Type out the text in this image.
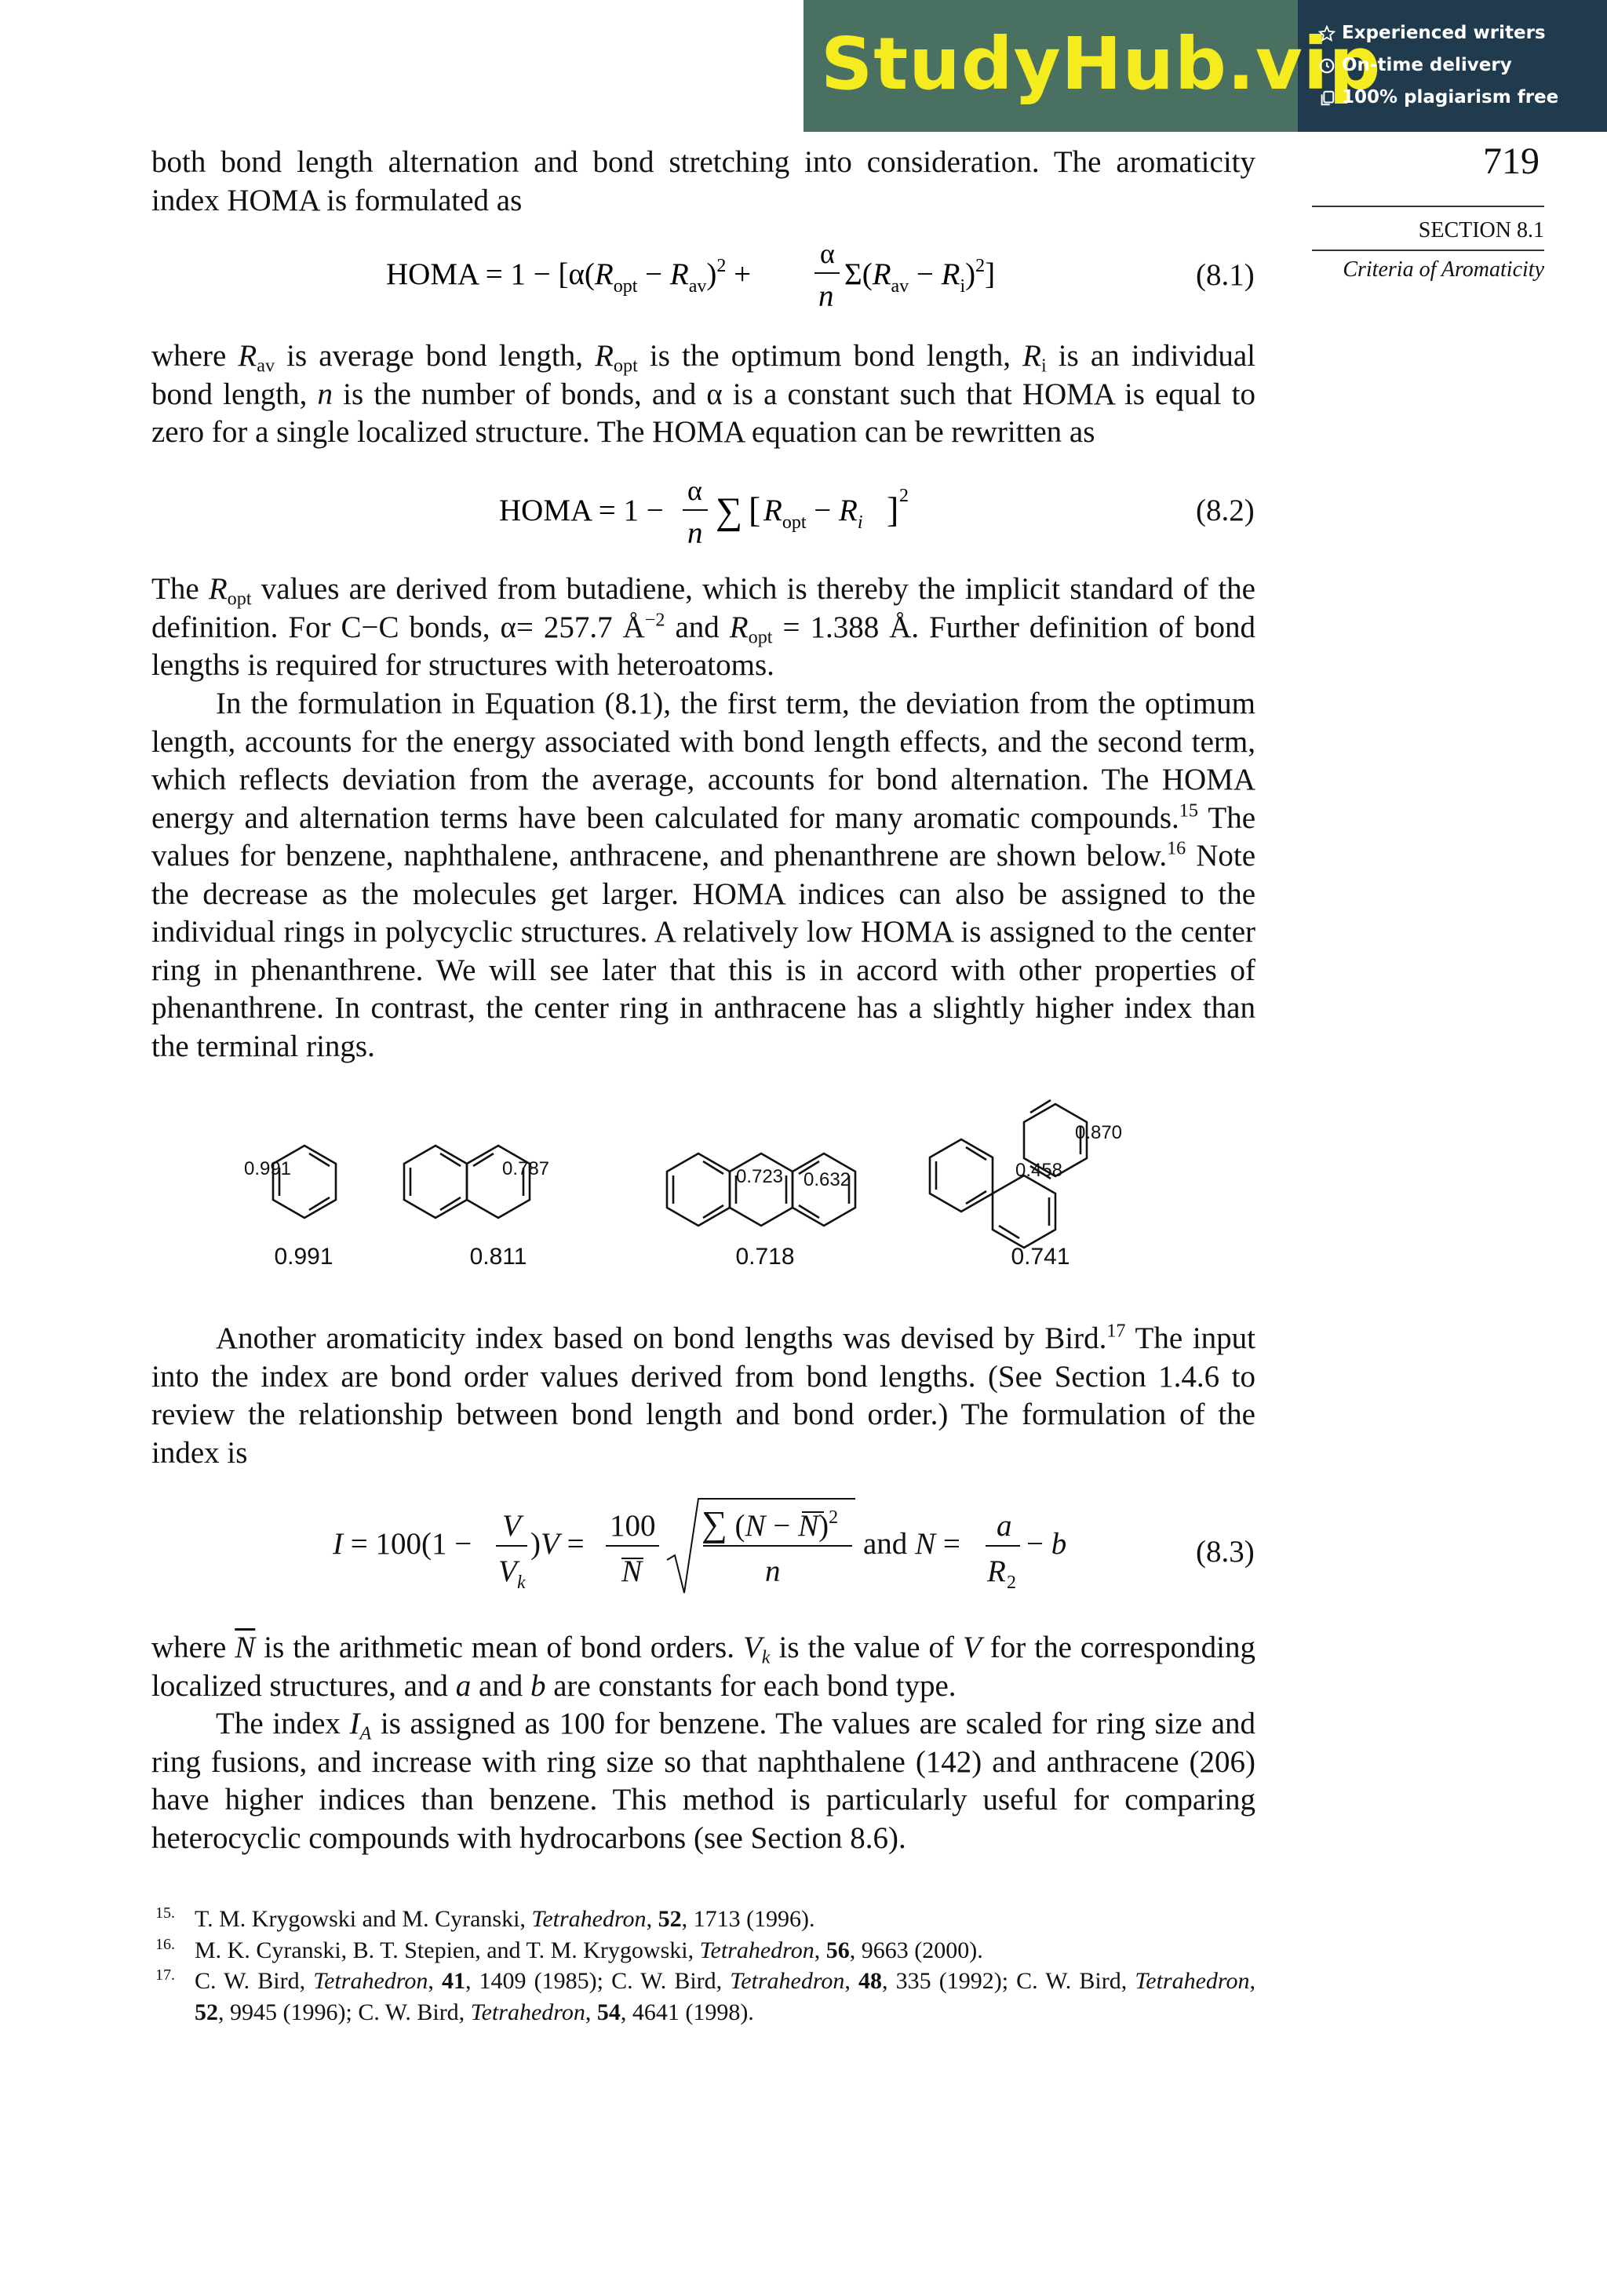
StudyHub.vip
Experienced writers
On-time delivery
100% plagiarism free
719
SECTION 8.1
Criteria of Aromaticity

both bond length alternation and bond stretching into consideration. The aromaticity index HOMA is formulated as

HOMA = $1 - [\alpha(R_{opt} - R_{av})^2$ +
α
n
$\Sigma(R_{av} - R_i)^2$]	(8.1)

where $R_{av}$ is average bond length, $R_{opt}$ is the optimum bond length, $R_i$ is an individual bond length, n is the number of bonds, and α is a constant such that HOMA is equal to zero for a single localized structure. The HOMA equation can be rewritten as

HOMA = 1 −
α
n
∑ [ $R_{opt} - R_i$ ] 2	(8.2)

The $R_{opt}$ values are derived from butadiene, which is thereby the implicit standard of the definition. For C−C bonds, α= 257.7 $Å^{-2}$ and $R_{opt} = 1.388$ Å. Further definition of bond lengths is required for structures with heteroatoms.

In the formulation in Equation (8.1), the first term, the deviation from the optimum length, accounts for the energy associated with bond length effects, and the second term, which reflects deviation from the average, accounts for bond alternation. The HOMA energy and alternation terms have been calculated for many aromatic compounds.$^{15}$ The values for benzene, naphthalene, anthracene, and phenanthrene are shown below.$^{16}$ Note the decrease as the molecules get larger. HOMA indices can also be assigned to the individual rings in polycyclic structures. A relatively low HOMA is assigned to the center ring in phenanthrene. We will see later that this is in accord with other properties of phenanthrene. In contrast, the center ring in anthracene has a slightly higher index than the terminal rings.

0.991	0.787	0.723	0.632
0.870
0.458
0.991	0.811	0.718	0.741

Another aromaticity index based on bond lengths was devised by Bird.$^{17}$ The input into the index are bond order values derived from bond lengths. (See Section 1.4.6 to review the relationship between bond length and bond order.) The formulation of the index is

I = 100(1 −
V
V k
)V =
100
N
∑ $(N - N)^2$
n
and N =
a
R 2
− b	(8.3)

where $\overline{N}$ is the arithmetic mean of bond orders. $V_k$ is the value of V for the corresponding localized structures, and a and b are constants for each bond type.

The index $I_A$ is assigned as 100 for benzene. The values are scaled for ring size and ring fusions, and increase with ring size so that naphthalene (142) and anthracene (206) have higher indices than benzene. This method is particularly useful for comparing heterocyclic compounds with hydrocarbons (see Section 8.6).

15. T. M. Krygowski and M. Cyranski, Tetrahedron, 52, 1713 (1996).

16. M. K. Cyranski, B. T. Stepien, and T. M. Krygowski, Tetrahedron, 56, 9663 (2000).

17. C. W. Bird, Tetrahedron, 41, 1409 (1985); C. W. Bird, Tetrahedron, 48, 335 (1992); C. W. Bird, Tetrahedron, 52, 9945 (1996); C. W. Bird, Tetrahedron, 54, 4641 (1998).
